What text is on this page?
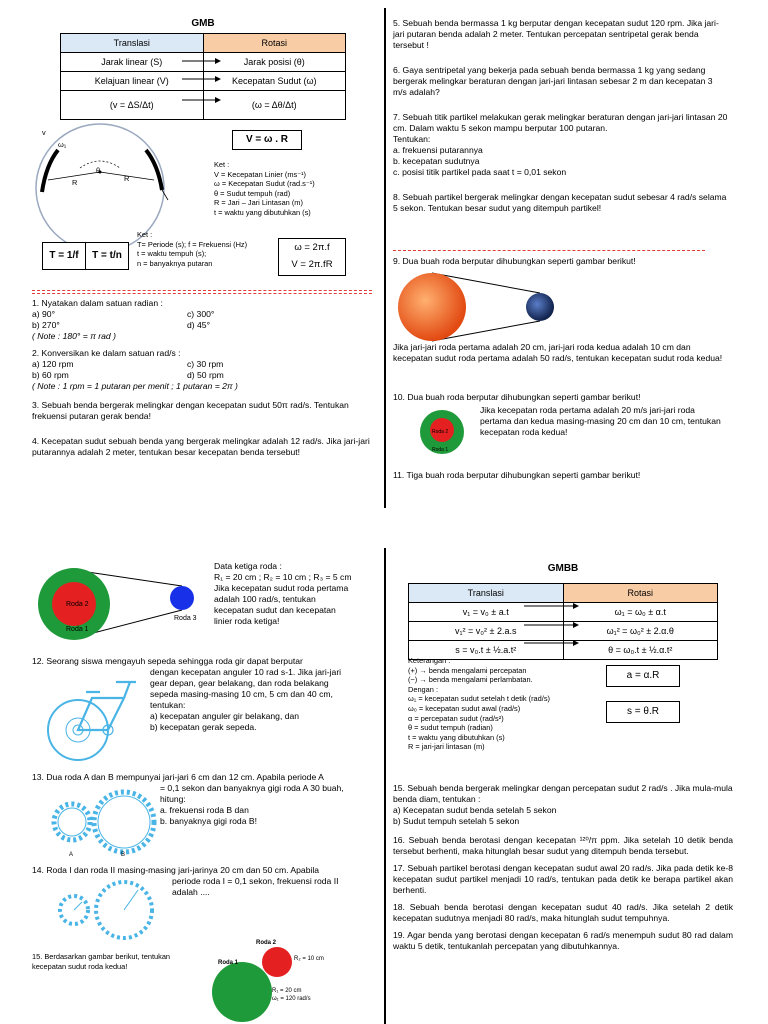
GMB
Translasi	Rotasi
Jarak linear (S)	Jarak posisi (θ)
Kelajuan linear (V)	Kecepatan Sudut (ω)
(v = ΔS/Δt)	(ω = Δθ/Δt)
θ
R	R
ω₁
v
V = ω . R
Ket :
V = Kecepatan Linier (ms⁻¹)
ω = Kecepatan Sudut (rad.s⁻¹)
θ = Sudut tempuh (rad)
R = Jari – Jari Lintasan (m)
t = waktu yang dibutuhkan (s)
Ket :
T= Periode (s); f = Frekuensi (Hz)
t = waktu tempuh (s);
n = banyaknya putaran
T = 1/f	T = t/n
ω = 2π.f
V = 2π.fR
1. Nyatakan dalam satuan radian :
a) 90°	c) 300°
b) 270°	d) 45°
( Note : 180° = π rad )
2. Konversikan ke dalam satuan rad/s :
a) 120 rpm	c) 30 rpm
b) 60 rpm	d) 50 rpm
( Note : 1 rpm = 1 putaran per menit ; 1 putaran = 2π )
3. Sebuah benda bergerak melingkar dengan kecepatan sudut 50π rad/s. Tentukan frekuensi putaran gerak benda!
4. Kecepatan sudut sebuah benda yang bergerak melingkar adalah 12 rad/s. Jika jari-jari putarannya adalah 2 meter, tentukan besar kecepatan benda tersebut!
5. Sebuah benda bermassa 1 kg berputar dengan kecepatan sudut 120 rpm. Jika jari-jari putaran benda adalah 2 meter. Tentukan percepatan sentripetal gerak benda tersebut !
6. Gaya sentripetal yang bekerja pada sebuah benda bermassa 1 kg yang sedang bergerak melingkar beraturan dengan jari-jari lintasan sebesar 2 m dan kecepatan 3 m/s adalah?
7. Sebuah titik partikel melakukan gerak melingkar beraturan dengan jari-jari lintasan 20 cm. Dalam waktu 5 sekon mampu berputar 100 putaran.
Tentukan:
a. frekuensi putarannya
b. kecepatan sudutnya
c. posisi titik partikel pada saat t = 0,01 sekon
8. Sebuah partikel bergerak melingkar dengan kecepatan sudut sebesar 4 rad/s selama 5 sekon. Tentukan besar sudut yang ditempuh partikel!
9. Dua buah roda berputar dihubungkan seperti gambar berikut!
Jika jari-jari roda pertama adalah 20 cm, jari-jari roda kedua adalah 10 cm dan kecepatan sudut roda pertama adalah 50 rad/s, tentukan kecepatan sudut roda kedua!
10. Dua buah roda berputar dihubungkan seperti gambar berikut!
Roda 2
Roda 1
Jika kecepatan roda pertama adalah 20 m/s jari-jari roda pertama dan kedua masing-masing 20 cm dan 10 cm, tentukan kecepatan roda kedua!
11. Tiga buah roda berputar dihubungkan seperti gambar berikut!
Roda 2
Roda 1
Roda 3
Data ketiga roda :
R₁ = 20 cm ; R₂ = 10 cm ; R₃ = 5 cm
Jika kecepatan sudut roda pertama
adalah 100 rad/s, tentukan
kecepatan sudut dan kecepatan
linier roda ketiga!
12. Seorang siswa mengayuh sepeda sehingga roda gir dapat berputar
dengan kecepatan anguler 10 rad s-1. Jika jari-jari
gear depan, gear belakang, dan roda belakang
sepeda masing-masing 10 cm, 5 cm dan 40 cm,
tentukan:
a) kecepatan anguler gir belakang, dan
b) kecepatan gerak sepeda.
13. Dua roda A dan B mempunyai jari-jari 6 cm dan 12 cm. Apabila periode A
= 0,1 sekon dan banyaknya gigi roda A 30 buah,
hitung:
a. frekuensi roda B dan
b. banyaknya gigi roda B!
A	B
14. Roda I dan roda II masing-masing jari-jarinya 20 cm dan 50 cm. Apabila
periode roda I = 0,1 sekon, frekuensi roda II
adalah ....
15. Berdasarkan gambar berikut, tentukan kecepatan sudut roda kedua!
Roda 2
Roda 1
R₂ = 10 cm
R₁ = 20 cm
ω₁ = 120 rad/s
GMBB
Translasi	Rotasi
v₁ = v₀ ± a.t	ω₁ = ω₀ ± α.t
v₁² = v₀² ± 2.a.s	ω₁² = ω₀² ± 2.α.θ
s = v₀.t ± ½.a.t²	θ = ω₀.t ± ½.α.t²
Keterangan :
(+) → benda mengalami percepatan
(−) → benda mengalami perlambatan.
Dengan :
ω₁ = kecepatan sudut setelah t detik (rad/s)
ω₀ = kecepatan sudut awal (rad/s)
α = percepatan sudut (rad/s²)
θ = sudut tempuh (radian)
t = waktu yang dibutuhkan (s)
R = jari-jari lintasan (m)
a = α.R
s = θ.R
15. Sebuah benda bergerak melingkar dengan percepatan sudut 2 rad/s . Jika mula-mula benda diam, tentukan :
a) Kecepatan sudut benda setelah 5 sekon
b) Sudut tempuh setelah 5 sekon
16. Sebuah benda berotasi dengan kecepatan ¹²⁰/π ppm. Jika setelah 10 detik benda tersebut berhenti, maka hitunglah besar sudut yang ditempuh benda tersebut.
17. Sebuah partikel berotasi dengan kecepatan sudut awal 20 rad/s. Jika pada detik ke-8 kecepatan sudut partikel menjadi 10 rad/s, tentukan pada detik ke berapa partikel akan berhenti.
18. Sebuah benda berotasi dengan kecepatan sudut 40 rad/s. Jika setelah 2 detik kecepatan sudutnya menjadi 80 rad/s, maka hitunglah sudut tempuhnya.
19. Agar benda yang berotasi dengan kecepatan 6 rad/s menempuh sudut 80 rad dalam waktu 5 detik, tentukanlah percepatan yang dibutuhkannya.
